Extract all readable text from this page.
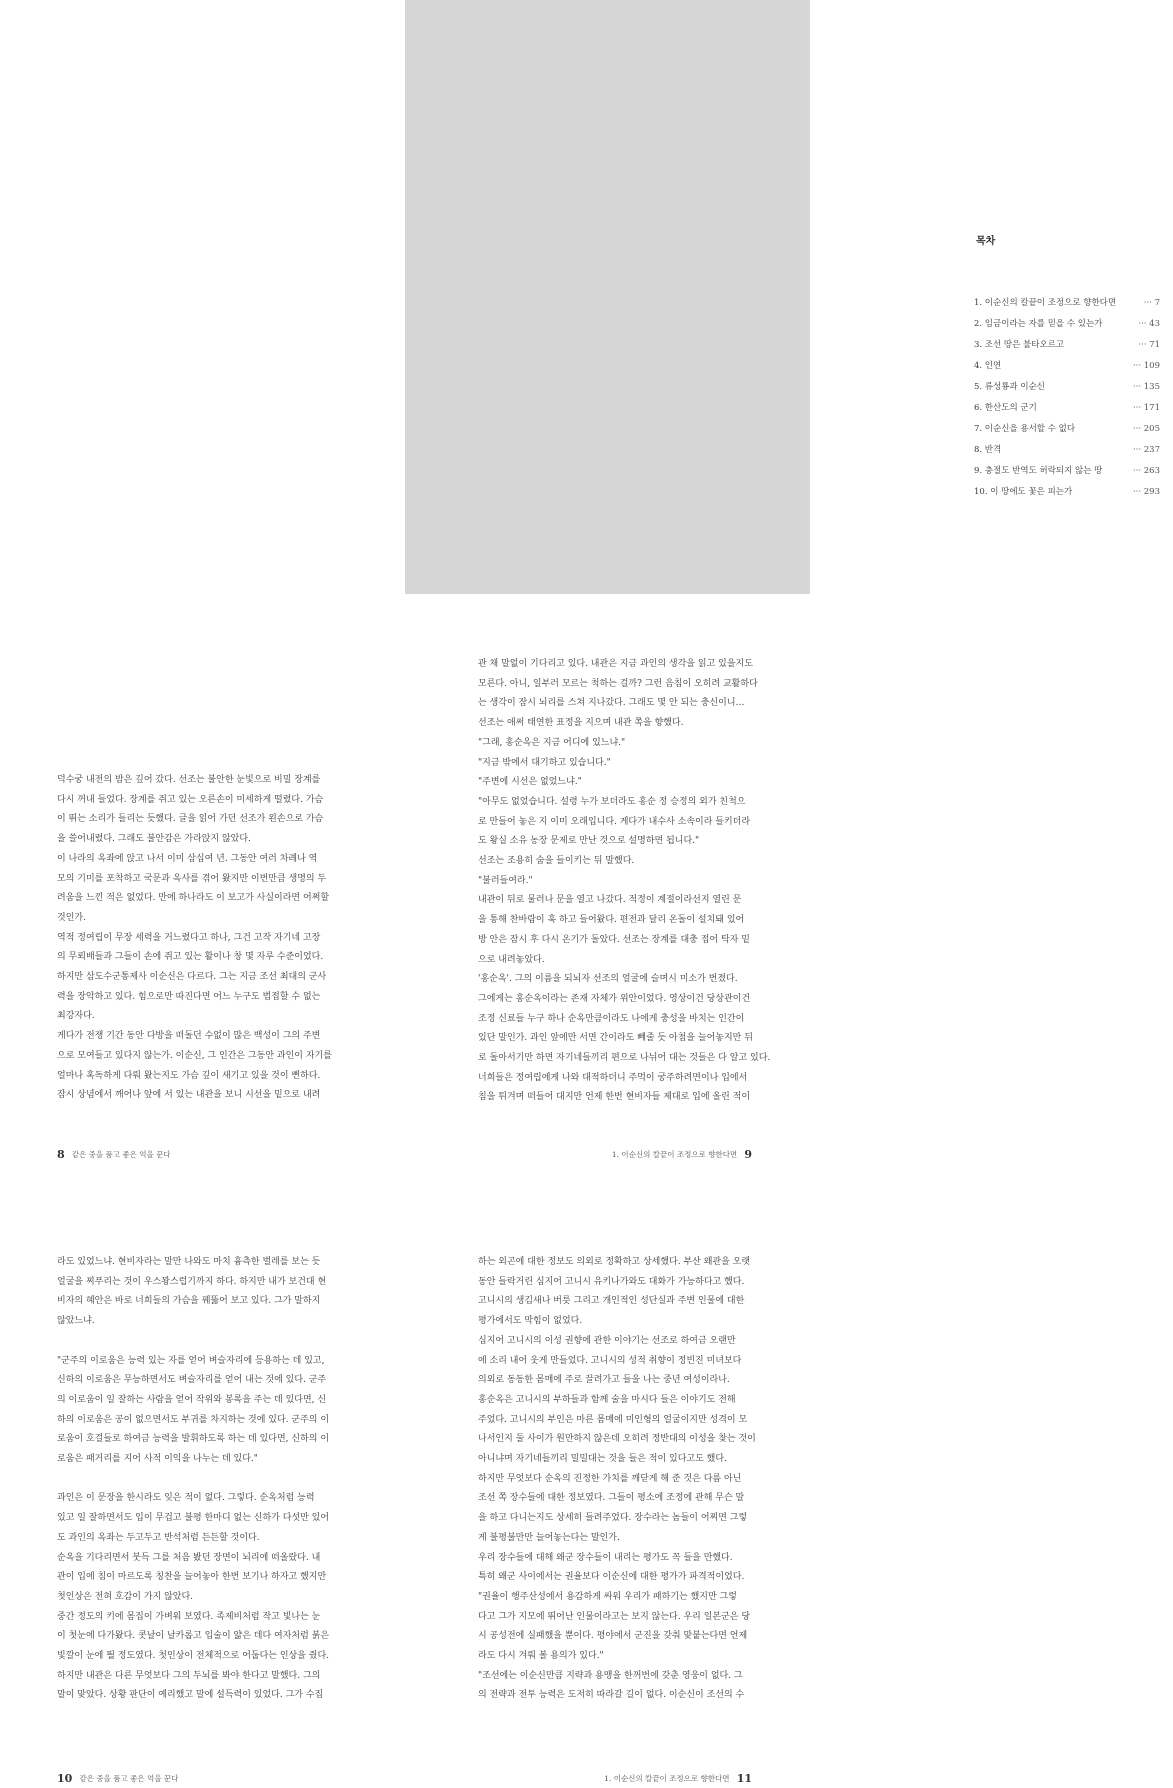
목차
1. 이순신의 칼끝이 조정으로 향한다면	··· 7
2. 임금이라는 자를 믿을 수 있는가	··· 43
3. 조선 땅은 불타오르고	··· 71
4. 인연	··· 109
5. 류성룡과 이순신	··· 135
6. 한산도의 군기	··· 171
7. 이순신을 용서할 수 없다	··· 205
8. 반격	··· 237
9. 충절도 반역도 허락되지 않는 땅	··· 263
10. 이 땅에도 꽃은 피는가	··· 293

덕수궁 내전의 밤은 깊어 갔다. 선조는 불안한 눈빛으로 비밀 장계를

다시 꺼내 들었다. 장계를 쥐고 있는 오른손이 미세하게 떨렸다. 가슴

이 뛰는 소리가 들리는 듯했다. 글을 읽어 가던 선조가 왼손으로 가슴

을 쓸어내렸다. 그래도 불안감은 가라앉지 않았다.

이 나라의 옥좌에 앉고 나서 이미 삼십여 년. 그동안 여러 차례나 역

모의 기미를 포착하고 국문과 옥사를 겪어 왔지만 이번만큼 생명의 두

려움을 느낀 적은 없었다. 만에 하나라도 이 보고가 사실이라면 어쩌할

것인가.

역적 정여립이 무장 세력을 거느렸다고 하나, 그건 고작 자기네 고장

의 무뢰배들과 그들이 손에 쥐고 있는 활이나 창 몇 자루 수준이었다.

하지만 삼도수군통제사 이순신은 다르다. 그는 지금 조선 최대의 군사

력을 장악하고 있다. 힘으로만 따진다면 어느 누구도 범접할 수 없는

최강자다.

게다가 전쟁 기간 동안 다방을 떠돌던 수없이 많은 백성이 그의 주변

으로 모여들고 있다지 않는가. 이순신, 그 인간은 그동안 과인이 자기를

얼마나 혹독하게 다뤄 왔는지도 가슴 깊이 새기고 있을 것이 뻔하다.

잠시 상념에서 깨어나 앞에 서 있는 내관을 보니 시선을 밑으로 내려

관 채 말없이 기다리고 있다. 내관은 지금 과인의 생각을 읽고 있을지도

모른다. 아니, 일부러 모르는 척하는 걸까? 그런 음침이 오히려 교활하다

는 생각이 잠시 뇌리를 스쳐 지나갔다. 그래도 몇 안 되는 충신이니…

선조는 애써 태연한 표정을 지으며 내관 쪽을 향했다.

"그래, 홍순옥은 지금 어디에 있느냐."

"지금 밖에서 대기하고 있습니다."

"주변에 시선은 없었느냐."

"아무도 없었습니다. 설령 누가 보더라도 홍순 정 승정의 외가 친척으

로 만들어 놓은 지 이미 오래입니다. 게다가 내수사 소속이라 들키더라

도 왕실 소유 농장 문제로 만난 것으로 설명하면 됩니다."

선조는 조용히 숨을 들이키는 뒤 말했다.

"불러들여라."

내관이 뒤로 물러나 문을 열고 나갔다. 적정이 계절이라선지 열린 문

을 통해 찬바람이 훅 하고 들어왔다. 편전과 달리 온돌이 설치돼 있어

방 안은 잠시 후 다시 온기가 돌았다. 선조는 장계를 대충 접어 탁자 밑

으로 내려놓았다.

'홍순옥'. 그의 이름을 되뇌자 선조의 얼굴에 슬며시 미소가 번졌다.

그에게는 홍순옥이라는 존재 자체가 위안이었다. 영상이건 당상관이건

조정 신료들 누구 하나 순옥만큼이라도 나에게 충성을 바치는 인간이

있단 말인가. 과인 앞에만 서면 간이라도 빼줄 듯 아첨을 늘어놓지만 뒤

로 돌아서기만 하면 자기네들끼리 편으로 나뉘어 대는 것들은 다 알고 있다.

너희들은 정여립에게 나와 대적하더니 주먹이 궁주하려면이나 입에서

침을 튀겨며 떠들어 대지만 언제 한번 현비자들 제대로 입에 올린 적이

라도 있었느냐. 현비자라는 말만 나와도 마치 흉측한 벌레를 보는 듯

얼굴을 찌푸리는 것이 우스꽝스럽기까지 하다. 하지만 내가 보건대 현

비자의 혜안은 바로 너희들의 가슴을 꿰뚫어 보고 있다. 그가 말하지

않았느냐.

"군주의 이로움은 능력 있는 자를 얻어 벼슬자리에 등용하는 데 있고,

신하의 이로움은 무능하면서도 벼슬자리를 얻어 내는 것에 있다. 군주

의 이로움이 일 잘하는 사람을 얻어 작위와 봉록을 주는 데 있다면, 신

하의 이로움은 공이 없으면서도 부귀를 차지하는 것에 있다. 군주의 이

로움이 호걸들로 하여금 능력을 발휘하도록 하는 데 있다면, 신하의 이

로움은 패거리를 지어 사적 이익을 나누는 데 있다."

과인은 이 문장을 한시라도 잊은 적이 없다. 그렇다. 순옥처럼 능력

있고 일 잘하면서도 입이 무겁고 불평 한마디 없는 신하가 다섯만 있어

도 과인의 옥좌는 두고두고 반석처럼 든든할 것이다.

순옥을 기다리면서 붓득 그를 처음 봤던 장면이 뇌리에 떠올랐다. 내

관이 입에 침이 마르도록 칭찬을 늘어놓아 한번 보기나 하자고 했지만

첫인상은 전혀 호감이 가지 않았다.

중간 정도의 키에 몸집이 가벼워 보였다. 족제비처럼 작고 빛나는 눈

이 첫눈에 다가왔다. 콧날이 날카롭고 입술이 얇은 데다 여자처럼 붉은

빛깔이 눈에 띌 정도였다. 첫인상이 전체적으로 어둡다는 인상을 줬다.

하지만 내관은 다른 무엇보다 그의 두뇌를 봐야 한다고 말했다. 그의

말이 맞았다. 상황 판단이 예리했고 말에 설득력이 있었다. 그가 수집

하는 외곤에 대한 정보도 의외로 정확하고 상세했다. 부산 왜관을 오랫

동안 들락거린 심지어 고니시 유키나가와도 대화가 가능하다고 했다.

고니시의 생김새나 버릇 그리고 개인적인 성단실과 주변 인물에 대한

평가에서도 막힘이 없었다.

심지어 고니시의 이성 권향에 관한 이야기는 선조로 하여금 오랜만

에 소리 내어 웃게 만들었다. 고니시의 성적 취향이 정빈진 미녀보다

의외로 동동한 몸매에 주로 끌려가고 들을 나는 중년 여성이라나.

홍순옥은 고니시의 부하들과 함께 술을 마시다 들은 이야기도 전해

주었다. 고니시의 부인은 마른 몸매에 미인형의 얼굴이지만 성격이 모

나서인지 둘 사이가 원만하지 않은데 오히려 정반대의 이성을 찾는 것이

아니냐며 자기네들끼리 밀밀대는 것을 들은 적이 있다고도 했다.

하지만 무엇보다 순옥의 진정한 가치를 깨닫게 해 준 것은 다름 아닌

조선 쪽 장수들에 대한 정보였다. 그들이 평소에 조정에 관해 무슨 말

을 하고 다니는지도 상세히 들려주었다. 장수라는 놈들이 어찌면 그렇

게 불평불만만 늘어놓는다는 말인가.

우리 장수들에 대해 왜군 장수들이 내리는 평가도 꼭 들을 만했다.

특히 왜군 사이에서는 권율보다 이순신에 대한 평가가 파격적이었다.

"권율이 행주산성에서 용감하게 싸워 우리가 패하기는 했지만 그렇

다고 그가 지모에 뛰어난 인물이라고는 보지 않는다. 우리 일본군은 당

시 공성전에 실패했을 뿐이다. 평야에서 군진을 갖춰 맞붙는다면 언제

라도 다시 겨뤄 볼 용의가 있다."

"조선에는 이순신만큼 지략과 용맹을 한꺼번에 갖춘 영웅이 없다. 그

의 전략과 전투 능력은 도저히 따라갈 길이 없다. 이순신이 조선의 수

8 같은 중을 품고 좋은 억을 꾼다	1. 이순신의 칼끝이 조정으로 향한다면 9
10 같은 중을 품고 좋은 억을 꾼다	1. 이순신의 칼끝이 조정으로 향한다면 11
